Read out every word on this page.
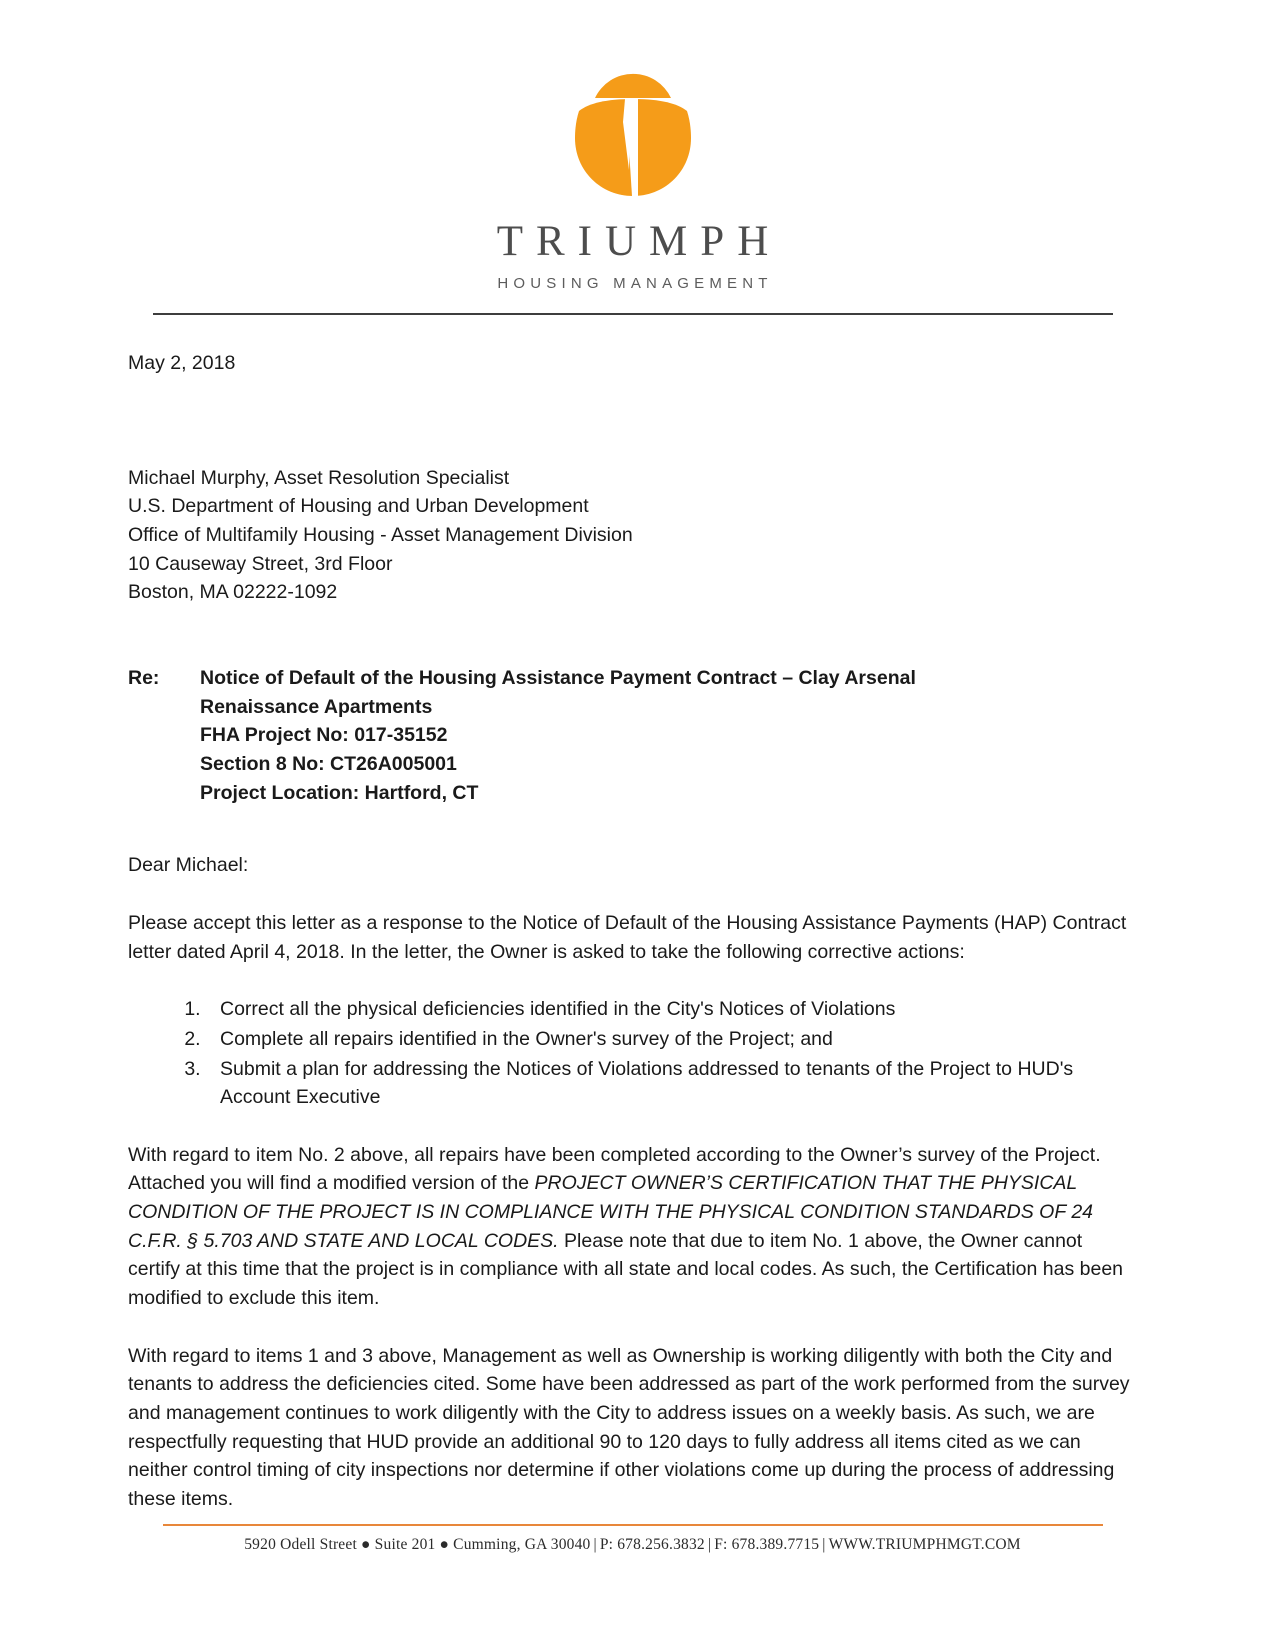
TRIUMPH
HOUSING MANAGEMENT
May 2, 2018
Michael Murphy, Asset Resolution Specialist
U.S. Department of Housing and Urban Development
Office of Multifamily Housing - Asset Management Division
10 Causeway Street, 3rd Floor
Boston, MA 02222-1092
Re:	Notice of Default of the Housing Assistance Payment Contract – Clay Arsenal Renaissance Apartments
FHA Project No: 017-35152
Section 8 No: CT26A005001
Project Location: Hartford, CT
Dear Michael:

Please accept this letter as a response to the Notice of Default of the Housing Assistance Payments (HAP) Contract letter dated April 4, 2018. In the letter, the Owner is asked to take the following corrective actions:

1. Correct all the physical deficiencies identified in the City's Notices of Violations
2. Complete all repairs identified in the Owner's survey of the Project; and
3. Submit a plan for addressing the Notices of Violations addressed to tenants of the Project to HUD's Account Executive

With regard to item No. 2 above, all repairs have been completed according to the Owner’s survey of the Project. Attached you will find a modified version of the PROJECT OWNER’S CERTIFICATION THAT THE PHYSICAL CONDITION OF THE PROJECT IS IN COMPLIANCE WITH THE PHYSICAL CONDITION STANDARDS OF 24 C.F.R. § 5.703 AND STATE AND LOCAL CODES. Please note that due to item No. 1 above, the Owner cannot certify at this time that the project is in compliance with all state and local codes. As such, the Certification has been modified to exclude this item.

With regard to items 1 and 3 above, Management as well as Ownership is working diligently with both the City and tenants to address the deficiencies cited. Some have been addressed as part of the work performed from the survey and management continues to work diligently with the City to address issues on a weekly basis. As such, we are respectfully requesting that HUD provide an additional 90 to 120 days to fully address all items cited as we can neither control timing of city inspections nor determine if other violations come up during the process of addressing these items.

5920 Odell Street ● Suite 201 ● Cumming, GA 30040 | P: 678.256.3832 | F: 678.389.7715 | WWW.TRIUMPHMGT.COM
